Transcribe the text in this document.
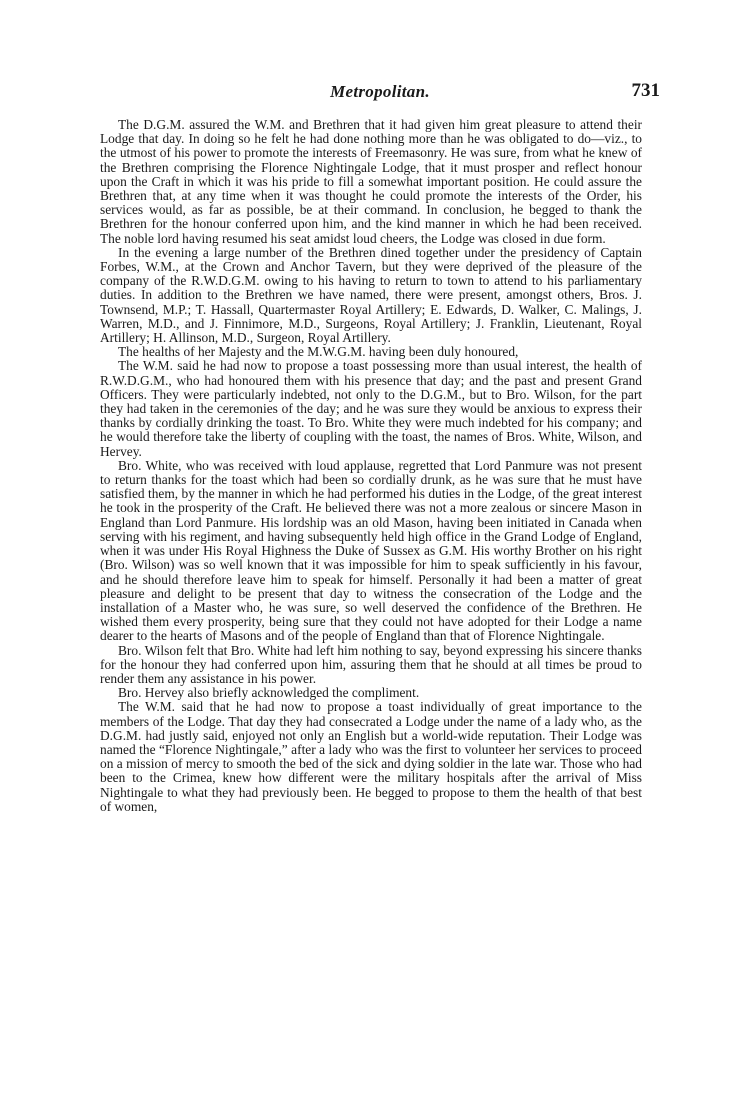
Metropolitan.	731

The D.G.M. assured the W.M. and Brethren that it had given him great pleasure to attend their Lodge that day. In doing so he felt he had done nothing more than he was obligated to do—viz., to the utmost of his power to promote the interests of Freemasonry. He was sure, from what he knew of the Brethren comprising the Florence Nightingale Lodge, that it must prosper and reflect honour upon the Craft in which it was his pride to fill a somewhat important position. He could assure the Brethren that, at any time when it was thought he could promote the interests of the Order, his services would, as far as possible, be at their command. In conclusion, he begged to thank the Brethren for the honour conferred upon him, and the kind manner in which he had been received. The noble lord having resumed his seat amidst loud cheers, the Lodge was closed in due form.

In the evening a large number of the Brethren dined together under the presidency of Captain Forbes, W.M., at the Crown and Anchor Tavern, but they were deprived of the pleasure of the company of the R.W.D.G.M. owing to his having to return to town to attend to his parliamentary duties. In addition to the Brethren we have named, there were present, amongst others, Bros. J. Townsend, M.P.; T. Hassall, Quartermaster Royal Artillery; E. Edwards, D. Walker, C. Malings, J. Warren, M.D., and J. Finnimore, M.D., Surgeons, Royal Artillery; J. Franklin, Lieutenant, Royal Artillery; H. Allinson, M.D., Surgeon, Royal Artillery.

The healths of her Majesty and the M.W.G.M. having been duly honoured,

The W.M. said he had now to propose a toast possessing more than usual interest, the health of R.W.D.G.M., who had honoured them with his presence that day; and the past and present Grand Officers. They were particularly indebted, not only to the D.G.M., but to Bro. Wilson, for the part they had taken in the ceremonies of the day; and he was sure they would be anxious to express their thanks by cordially drinking the toast. To Bro. White they were much indebted for his company; and he would therefore take the liberty of coupling with the toast, the names of Bros. White, Wilson, and Hervey.

Bro. White, who was received with loud applause, regretted that Lord Panmure was not present to return thanks for the toast which had been so cordially drunk, as he was sure that he must have satisfied them, by the manner in which he had performed his duties in the Lodge, of the great interest he took in the prosperity of the Craft. He believed there was not a more zealous or sincere Mason in England than Lord Panmure. His lordship was an old Mason, having been initiated in Canada when serving with his regiment, and having subsequently held high office in the Grand Lodge of England, when it was under His Royal Highness the Duke of Sussex as G.M. His worthy Brother on his right (Bro. Wilson) was so well known that it was impossible for him to speak sufficiently in his favour, and he should therefore leave him to speak for himself. Personally it had been a matter of great pleasure and delight to be present that day to witness the consecration of the Lodge and the installation of a Master who, he was sure, so well deserved the confidence of the Brethren. He wished them every prosperity, being sure that they could not have adopted for their Lodge a name dearer to the hearts of Masons and of the people of England than that of Florence Nightingale.

Bro. Wilson felt that Bro. White had left him nothing to say, beyond expressing his sincere thanks for the honour they had conferred upon him, assuring them that he should at all times be proud to render them any assistance in his power.

Bro. Hervey also briefly acknowledged the compliment.

The W.M. said that he had now to propose a toast individually of great importance to the members of the Lodge. That day they had consecrated a Lodge under the name of a lady who, as the D.G.M. had justly said, enjoyed not only an English but a world-wide reputation. Their Lodge was named the “Florence Nightingale,” after a lady who was the first to volunteer her services to proceed on a mission of mercy to smooth the bed of the sick and dying soldier in the late war. Those who had been to the Crimea, knew how different were the military hospitals after the arrival of Miss Nightingale to what they had previously been. He begged to propose to them the health of that best of women,
